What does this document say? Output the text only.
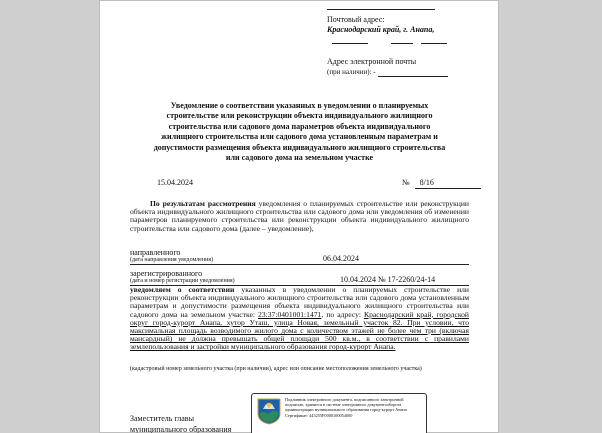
Почтовый адрес:
Краснодарский край, г. Анапа,
Адрес электронной почты
(при наличии): -
Уведомление о соответствии указанных в уведомлении о планируемых строительстве или реконструкции объекта индивидуального жилищного строительства или садового дома параметров объекта индивидуального жилищного строительства или садового дома установленным параметрам и допустимости размещения объекта индивидуального жилищного строительства или садового дома на земельном участке
15.04.2024	№ 8/16
По результатам рассмотрения уведомления о планируемых строительстве или реконструкции объекта индивидуального жилищного строительства или садового дома или уведомления об изменении параметров планируемого строительства или реконструкции объекта индивидуального жилищного строительства или садового дома (далее – уведомление),
направленного
06.04.2024
(дата направления уведомления)
зарегистрированного
10.04.2024 № 17-2260/24-14
(дата и номер регистрации уведомления)
уведомляем о соответствии указанных в уведомлении о планируемых строительстве или реконструкции объекта индивидуального жилищного строительства или садового дома установленным параметрам и допустимости размещения объекта индивидуального жилищного строительства или садового дома на земельном участке: 23:37:0401001:1471, по адресу: Краснодарский край, городской округ город-курорт Анапа, хутор Уташ, улица Новая, земельный участок 82. При условии, что максимальная площадь возводимого жилого дома с количеством этажей не более чем три (включая мансардный) не должна превышать общей площади 500 кв.м., в соответствии с правилами землепользования и застройки муниципального образования город-курорт Анапа.
(кадастровый номер земельного участка (при наличии), адрес или описание местоположения земельного участка)
Заместитель главы
муниципального образования
Подлинник электронного документа, подписанного электронной подписью, хранится в системе электронного документооборота администрации муниципального образования город-курорт Анапа
Сертификат: 445255F0000100054000
